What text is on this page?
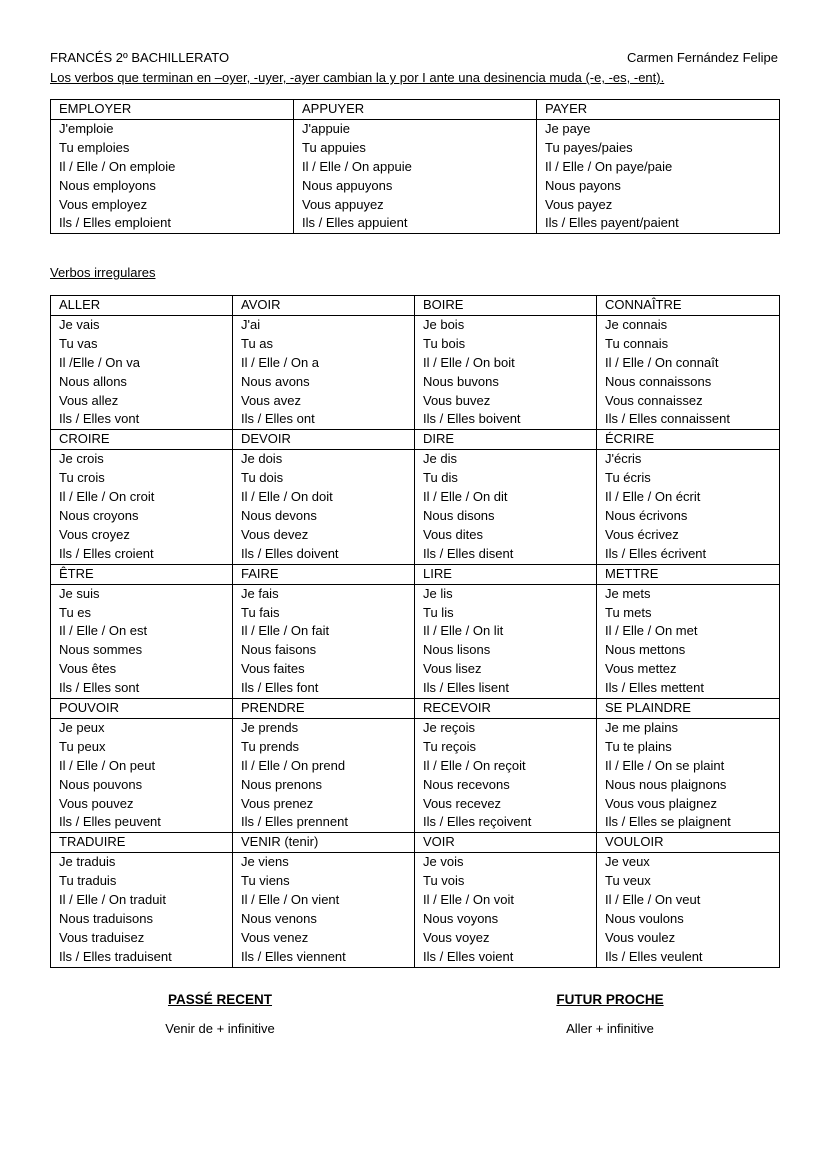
FRANCÉS 2º BACHILLERATO	Carmen Fernández Felipe
Los verbos que terminan en –oyer, -uyer, -ayer cambian la y por I ante una desinencia muda (-e, -es, -ent).
EMPLOYER	APPUYER	PAYER
J'emploie	J'appuie	Je paye
Tu emploies	Tu appuies	Tu payes/paies
Il / Elle / On emploie	Il / Elle / On appuie	Il / Elle / On paye/paie
Nous employons	Nous appuyons	Nous payons
Vous employez	Vous appuyez	Vous payez
Ils / Elles emploient	Ils / Elles appuient	Ils / Elles payent/paient
Verbos irregulares
ALLER	AVOIR	BOIRE	CONNAÎTRE
Je vais	J'ai	Je bois	Je connais
Tu vas	Tu as	Tu bois	Tu connais
Il /Elle / On va	Il / Elle / On a	Il / Elle / On boit	Il / Elle / On connaît
Nous allons	Nous avons	Nous buvons	Nous connaissons
Vous allez	Vous avez	Vous buvez	Vous connaissez
Ils / Elles vont	Ils / Elles ont	Ils / Elles boivent	Ils / Elles connaissent
CROIRE	DEVOIR	DIRE	ÉCRIRE
Je crois	Je dois	Je dis	J'écris
Tu crois	Tu dois	Tu dis	Tu écris
Il / Elle / On croit	Il / Elle / On doit	Il / Elle / On dit	Il / Elle / On écrit
Nous croyons	Nous devons	Nous disons	Nous écrivons
Vous croyez	Vous devez	Vous dites	Vous écrivez
Ils / Elles croient	Ils / Elles doivent	Ils / Elles disent	Ils / Elles écrivent
ÊTRE	FAIRE	LIRE	METTRE
Je suis	Je fais	Je lis	Je mets
Tu es	Tu fais	Tu lis	Tu mets
Il / Elle / On est	Il / Elle / On fait	Il / Elle / On lit	Il / Elle / On met
Nous sommes	Nous faisons	Nous lisons	Nous mettons
Vous êtes	Vous faites	Vous lisez	Vous mettez
Ils / Elles sont	Ils / Elles font	Ils / Elles lisent	Ils / Elles mettent
POUVOIR	PRENDRE	RECEVOIR	SE PLAINDRE
Je peux	Je prends	Je reçois	Je me plains
Tu peux	Tu prends	Tu reçois	Tu te plains
Il / Elle / On peut	Il / Elle / On prend	Il / Elle / On reçoit	Il / Elle / On se plaint
Nous pouvons	Nous prenons	Nous recevons	Nous nous plaignons
Vous pouvez	Vous prenez	Vous recevez	Vous vous plaignez
Ils / Elles peuvent	Ils / Elles prennent	Ils / Elles reçoivent	Ils / Elles se plaignent
TRADUIRE	VENIR (tenir)	VOIR	VOULOIR
Je traduis	Je viens	Je vois	Je veux
Tu traduis	Tu viens	Tu vois	Tu veux
Il / Elle / On traduit	Il / Elle / On vient	Il / Elle / On voit	Il / Elle / On veut
Nous traduisons	Nous venons	Nous voyons	Nous voulons
Vous traduisez	Vous venez	Vous voyez	Vous voulez
Ils / Elles traduisent	Ils / Elles viennent	Ils / Elles voient	Ils / Elles veulent
PASSÉ RECENT
Venir de + infinitive
FUTUR PROCHE
Aller + infinitive
